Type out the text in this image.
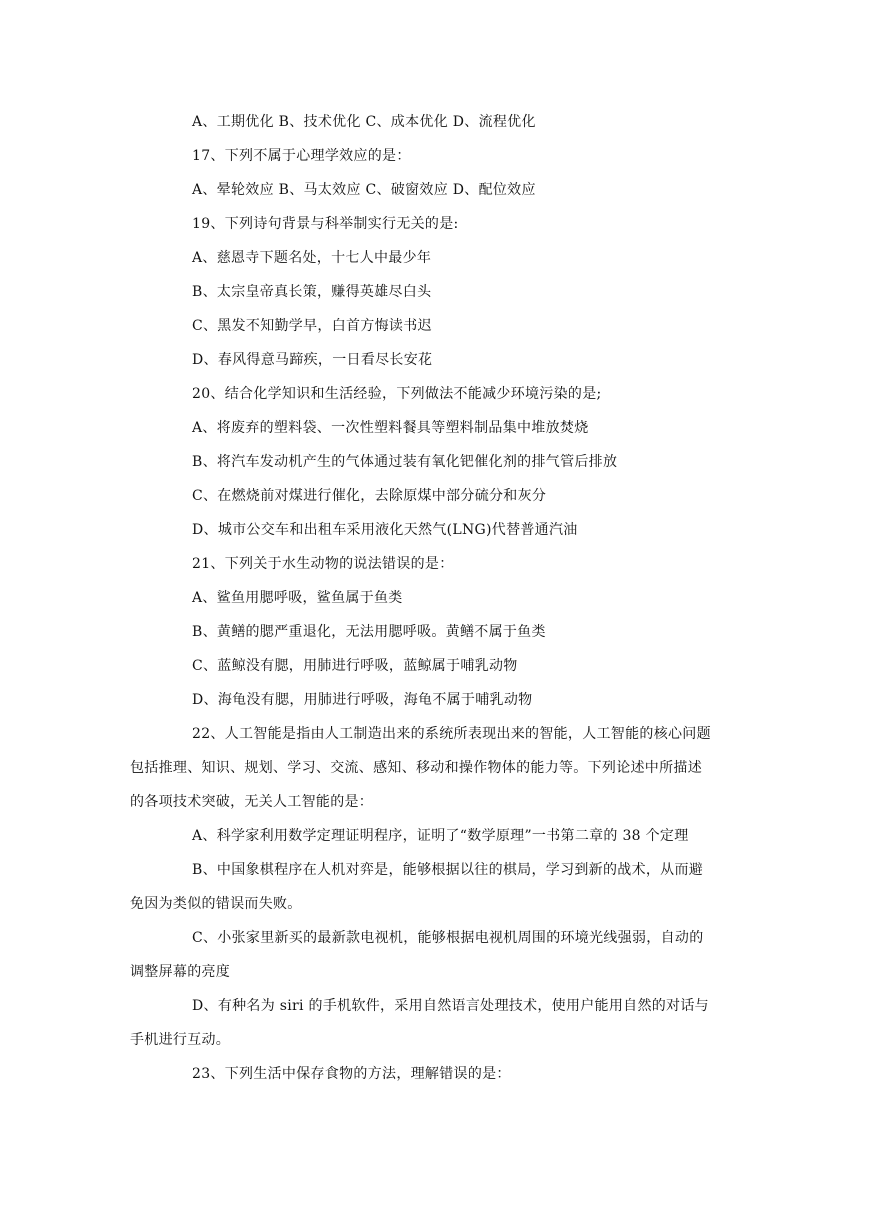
A、工期优化 B、技术优化 C、成本优化 D、流程优化
17、下列不属于心理学效应的是：
A、晕轮效应 B、马太效应 C、破窗效应 D、配位效应
19、下列诗句背景与科举制实行无关的是:
A、慈恩寺下题名处，十七人中最少年
B、太宗皇帝真长策，赚得英雄尽白头
C、黑发不知勤学早，白首方悔读书迟
D、春风得意马蹄疾，一日看尽长安花
20、结合化学知识和生活经验，下列做法不能减少环境污染的是;
A、将废弃的塑料袋、一次性塑料餐具等塑料制品集中堆放焚烧
B、将汽车发动机产生的气体通过装有氧化钯催化剂的排气管后排放
C、在燃烧前对煤进行催化，去除原煤中部分硫分和灰分
D、城市公交车和出租车采用液化天然气(LNG)代替普通汽油
21、下列关于水生动物的说法错误的是：
A、鲨鱼用腮呼吸，鲨鱼属于鱼类
B、黄鳝的腮严重退化，无法用腮呼吸。黄鳝不属于鱼类
C、蓝鲸没有腮，用肺进行呼吸，蓝鲸属于哺乳动物
D、海龟没有腮，用肺进行呼吸，海龟不属于哺乳动物
22、人工智能是指由人工制造出来的系统所表现出来的智能，人工智能的核心问题
包括推理、知识、规划、学习、交流、感知、移动和操作物体的能力等。下列论述中所描述
的各项技术突破，无关人工智能的是：
A、科学家利用数学定理证明程序，证明了“数学原理”一书第二章的 38 个定理
B、中国象棋程序在人机对弈是，能够根据以往的棋局，学习到新的战术，从而避
免因为类似的错误而失败。
C、小张家里新买的最新款电视机，能够根据电视机周围的环境光线强弱，自动的
调整屏幕的亮度
D、有种名为 siri 的手机软件，采用自然语言处理技术，使用户能用自然的对话与
手机进行互动。
23、下列生活中保存食物的方法，理解错误的是：
